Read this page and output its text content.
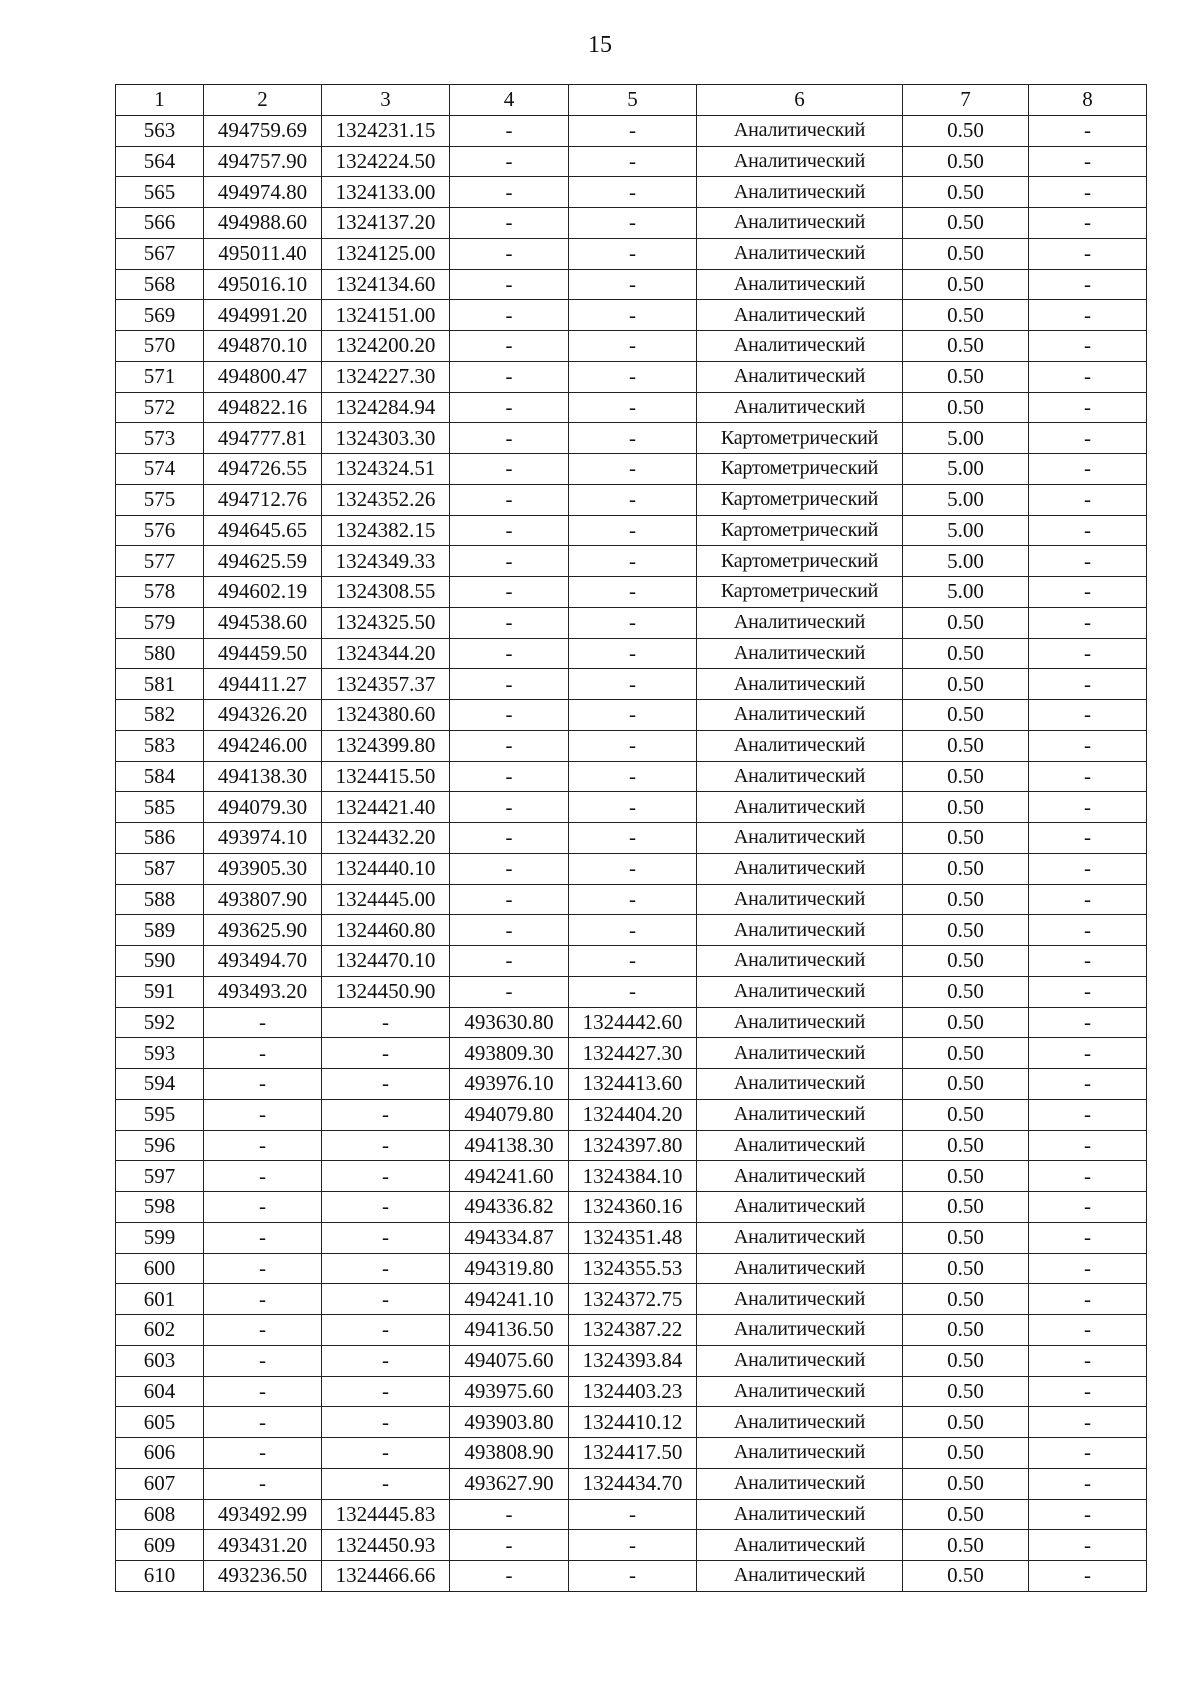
15
1	2	3	4	5	6	7	8
563	494759.69	1324231.15	-	-	Аналитический	0.50	-
564	494757.90	1324224.50	-	-	Аналитический	0.50	-
565	494974.80	1324133.00	-	-	Аналитический	0.50	-
566	494988.60	1324137.20	-	-	Аналитический	0.50	-
567	495011.40	1324125.00	-	-	Аналитический	0.50	-
568	495016.10	1324134.60	-	-	Аналитический	0.50	-
569	494991.20	1324151.00	-	-	Аналитический	0.50	-
570	494870.10	1324200.20	-	-	Аналитический	0.50	-
571	494800.47	1324227.30	-	-	Аналитический	0.50	-
572	494822.16	1324284.94	-	-	Аналитический	0.50	-
573	494777.81	1324303.30	-	-	Картометрический	5.00	-
574	494726.55	1324324.51	-	-	Картометрический	5.00	-
575	494712.76	1324352.26	-	-	Картометрический	5.00	-
576	494645.65	1324382.15	-	-	Картометрический	5.00	-
577	494625.59	1324349.33	-	-	Картометрический	5.00	-
578	494602.19	1324308.55	-	-	Картометрический	5.00	-
579	494538.60	1324325.50	-	-	Аналитический	0.50	-
580	494459.50	1324344.20	-	-	Аналитический	0.50	-
581	494411.27	1324357.37	-	-	Аналитический	0.50	-
582	494326.20	1324380.60	-	-	Аналитический	0.50	-
583	494246.00	1324399.80	-	-	Аналитический	0.50	-
584	494138.30	1324415.50	-	-	Аналитический	0.50	-
585	494079.30	1324421.40	-	-	Аналитический	0.50	-
586	493974.10	1324432.20	-	-	Аналитический	0.50	-
587	493905.30	1324440.10	-	-	Аналитический	0.50	-
588	493807.90	1324445.00	-	-	Аналитический	0.50	-
589	493625.90	1324460.80	-	-	Аналитический	0.50	-
590	493494.70	1324470.10	-	-	Аналитический	0.50	-
591	493493.20	1324450.90	-	-	Аналитический	0.50	-
592	-	-	493630.80	1324442.60	Аналитический	0.50	-
593	-	-	493809.30	1324427.30	Аналитический	0.50	-
594	-	-	493976.10	1324413.60	Аналитический	0.50	-
595	-	-	494079.80	1324404.20	Аналитический	0.50	-
596	-	-	494138.30	1324397.80	Аналитический	0.50	-
597	-	-	494241.60	1324384.10	Аналитический	0.50	-
598	-	-	494336.82	1324360.16	Аналитический	0.50	-
599	-	-	494334.87	1324351.48	Аналитический	0.50	-
600	-	-	494319.80	1324355.53	Аналитический	0.50	-
601	-	-	494241.10	1324372.75	Аналитический	0.50	-
602	-	-	494136.50	1324387.22	Аналитический	0.50	-
603	-	-	494075.60	1324393.84	Аналитический	0.50	-
604	-	-	493975.60	1324403.23	Аналитический	0.50	-
605	-	-	493903.80	1324410.12	Аналитический	0.50	-
606	-	-	493808.90	1324417.50	Аналитический	0.50	-
607	-	-	493627.90	1324434.70	Аналитический	0.50	-
608	493492.99	1324445.83	-	-	Аналитический	0.50	-
609	493431.20	1324450.93	-	-	Аналитический	0.50	-
610	493236.50	1324466.66	-	-	Аналитический	0.50	-
